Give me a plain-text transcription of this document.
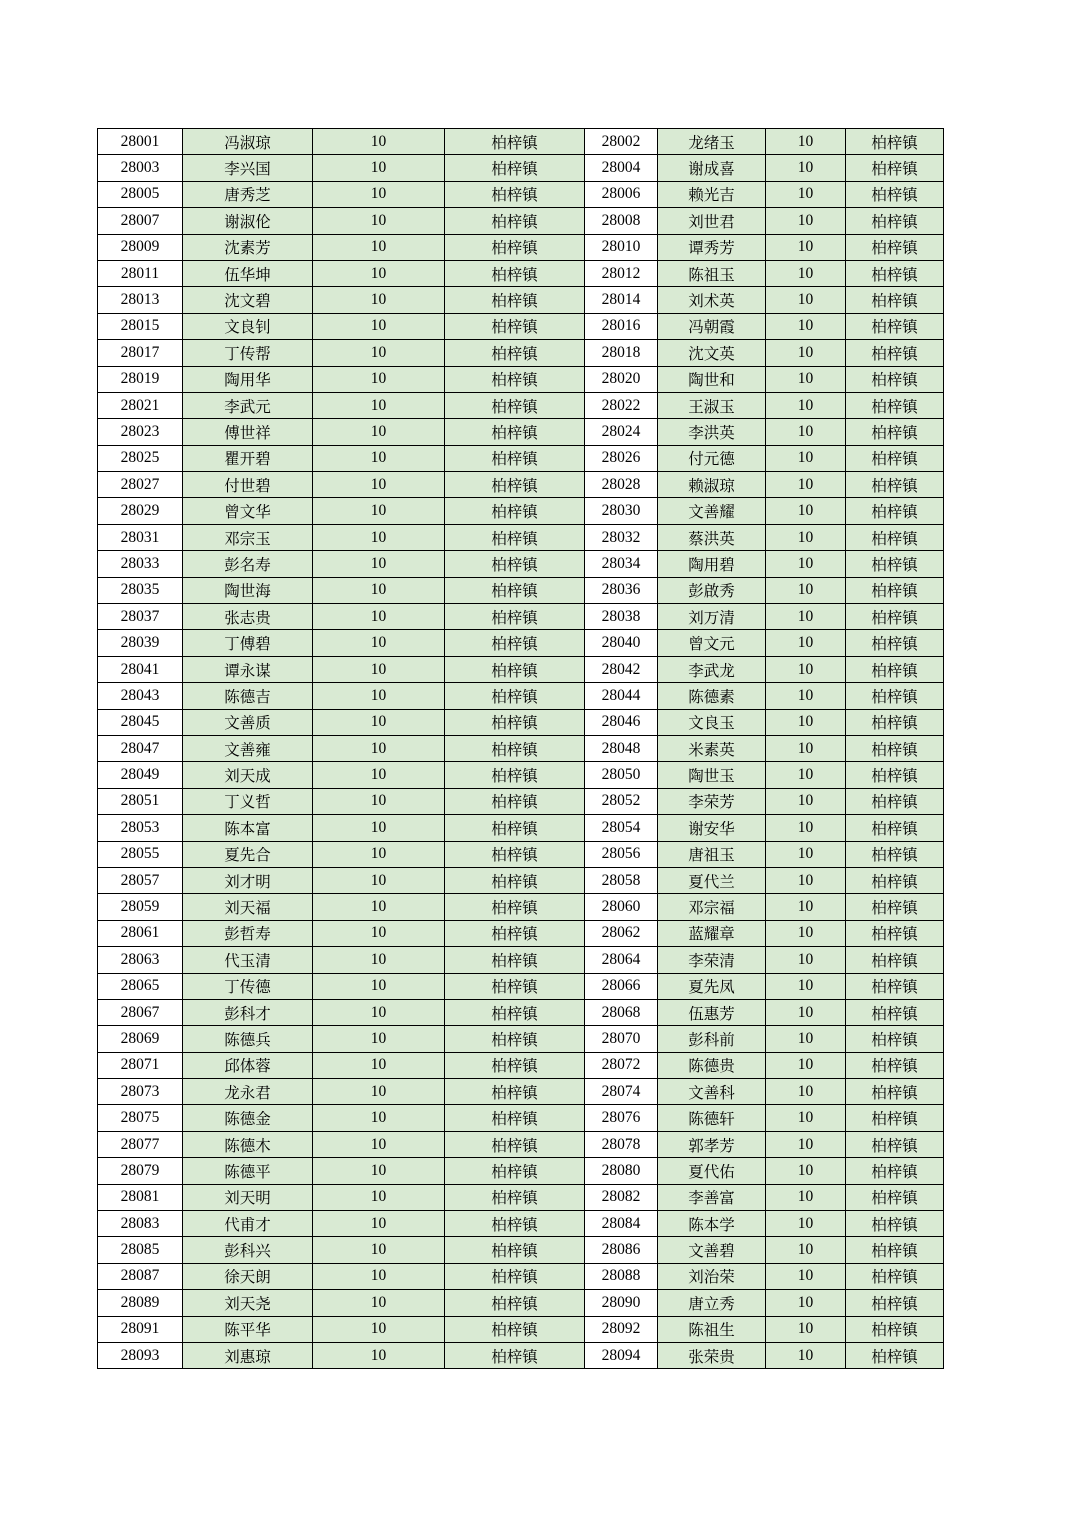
28001	冯淑琼	10	柏梓镇	28002	龙绪玉	10	柏梓镇
28003	李兴国	10	柏梓镇	28004	谢成喜	10	柏梓镇
28005	唐秀芝	10	柏梓镇	28006	赖光吉	10	柏梓镇
28007	谢淑伦	10	柏梓镇	28008	刘世君	10	柏梓镇
28009	沈素芳	10	柏梓镇	28010	谭秀芳	10	柏梓镇
28011	伍华坤	10	柏梓镇	28012	陈祖玉	10	柏梓镇
28013	沈文碧	10	柏梓镇	28014	刘术英	10	柏梓镇
28015	文良钊	10	柏梓镇	28016	冯朝霞	10	柏梓镇
28017	丁传帮	10	柏梓镇	28018	沈文英	10	柏梓镇
28019	陶用华	10	柏梓镇	28020	陶世和	10	柏梓镇
28021	李武元	10	柏梓镇	28022	王淑玉	10	柏梓镇
28023	傅世祥	10	柏梓镇	28024	李洪英	10	柏梓镇
28025	瞿开碧	10	柏梓镇	28026	付元德	10	柏梓镇
28027	付世碧	10	柏梓镇	28028	赖淑琼	10	柏梓镇
28029	曾文华	10	柏梓镇	28030	文善耀	10	柏梓镇
28031	邓宗玉	10	柏梓镇	28032	蔡洪英	10	柏梓镇
28033	彭名寿	10	柏梓镇	28034	陶用碧	10	柏梓镇
28035	陶世海	10	柏梓镇	28036	彭啟秀	10	柏梓镇
28037	张志贵	10	柏梓镇	28038	刘万清	10	柏梓镇
28039	丁傅碧	10	柏梓镇	28040	曾文元	10	柏梓镇
28041	谭永谋	10	柏梓镇	28042	李武龙	10	柏梓镇
28043	陈德吉	10	柏梓镇	28044	陈德素	10	柏梓镇
28045	文善质	10	柏梓镇	28046	文良玉	10	柏梓镇
28047	文善雍	10	柏梓镇	28048	米素英	10	柏梓镇
28049	刘天成	10	柏梓镇	28050	陶世玉	10	柏梓镇
28051	丁义哲	10	柏梓镇	28052	李荣芳	10	柏梓镇
28053	陈本富	10	柏梓镇	28054	谢安华	10	柏梓镇
28055	夏先合	10	柏梓镇	28056	唐祖玉	10	柏梓镇
28057	刘才明	10	柏梓镇	28058	夏代兰	10	柏梓镇
28059	刘天福	10	柏梓镇	28060	邓宗福	10	柏梓镇
28061	彭哲寿	10	柏梓镇	28062	蓝耀章	10	柏梓镇
28063	代玉清	10	柏梓镇	28064	李荣清	10	柏梓镇
28065	丁传德	10	柏梓镇	28066	夏先凤	10	柏梓镇
28067	彭科才	10	柏梓镇	28068	伍惠芳	10	柏梓镇
28069	陈德兵	10	柏梓镇	28070	彭科前	10	柏梓镇
28071	邱体蓉	10	柏梓镇	28072	陈德贵	10	柏梓镇
28073	龙永君	10	柏梓镇	28074	文善科	10	柏梓镇
28075	陈德金	10	柏梓镇	28076	陈德轩	10	柏梓镇
28077	陈德木	10	柏梓镇	28078	郭孝芳	10	柏梓镇
28079	陈德平	10	柏梓镇	28080	夏代佑	10	柏梓镇
28081	刘天明	10	柏梓镇	28082	李善富	10	柏梓镇
28083	代甫才	10	柏梓镇	28084	陈本学	10	柏梓镇
28085	彭科兴	10	柏梓镇	28086	文善碧	10	柏梓镇
28087	徐天朗	10	柏梓镇	28088	刘治荣	10	柏梓镇
28089	刘天尧	10	柏梓镇	28090	唐立秀	10	柏梓镇
28091	陈平华	10	柏梓镇	28092	陈祖生	10	柏梓镇
28093	刘惠琼	10	柏梓镇	28094	张荣贵	10	柏梓镇
